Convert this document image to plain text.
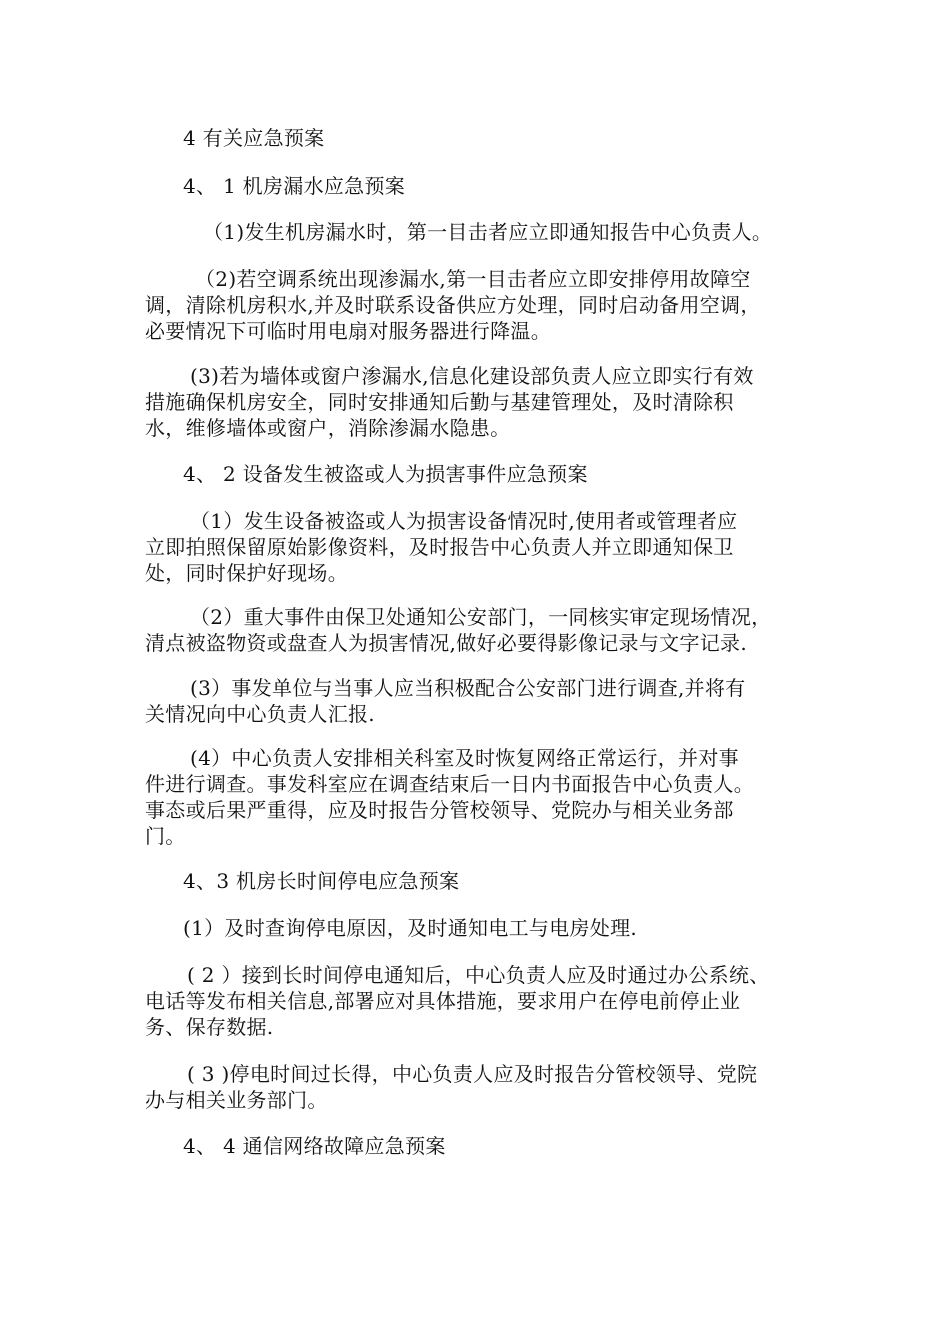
4 有关应急预案

4、 1 机房漏水应急预案

（1)发生机房漏水时，第一目击者应立即通知报告中心负责人。

（2)若空调系统出现渗漏水,第一目击者应立即安排停用故障空
调，清除机房积水,并及时联系设备供应方处理，同时启动备用空调，
必要情况下可临时用电扇对服务器进行降温。

(3)若为墙体或窗户渗漏水,信息化建设部负责人应立即实行有效
措施确保机房安全，同时安排通知后勤与基建管理处，及时清除积
水，维修墙体或窗户，消除渗漏水隐患。

4、 2 设备发生被盗或人为损害事件应急预案

（1）发生设备被盗或人为损害设备情况时,使用者或管理者应
立即拍照保留原始影像资料，及时报告中心负责人并立即通知保卫
处，同时保护好现场。

（2）重大事件由保卫处通知公安部门，一同核实审定现场情况，
清点被盗物资或盘查人为损害情况,做好必要得影像记录与文字记录.

(3）事发单位与当事人应当积极配合公安部门进行调查,并将有
关情况向中心负责人汇报.

(4）中心负责人安排相关科室及时恢复网络正常运行，并对事
件进行调查。事发科室应在调查结束后一日内书面报告中心负责人。
事态或后果严重得，应及时报告分管校领导、党院办与相关业务部
门。

4、3 机房长时间停电应急预案

(1）及时查询停电原因，及时通知电工与电房处理.

( 2 ）接到长时间停电通知后，中心负责人应及时通过办公系统、
电话等发布相关信息,部署应对具体措施，要求用户在停电前停止业
务、保存数据.

( 3 )停电时间过长得，中心负责人应及时报告分管校领导、党院
办与相关业务部门。

4、 4 通信网络故障应急预案
